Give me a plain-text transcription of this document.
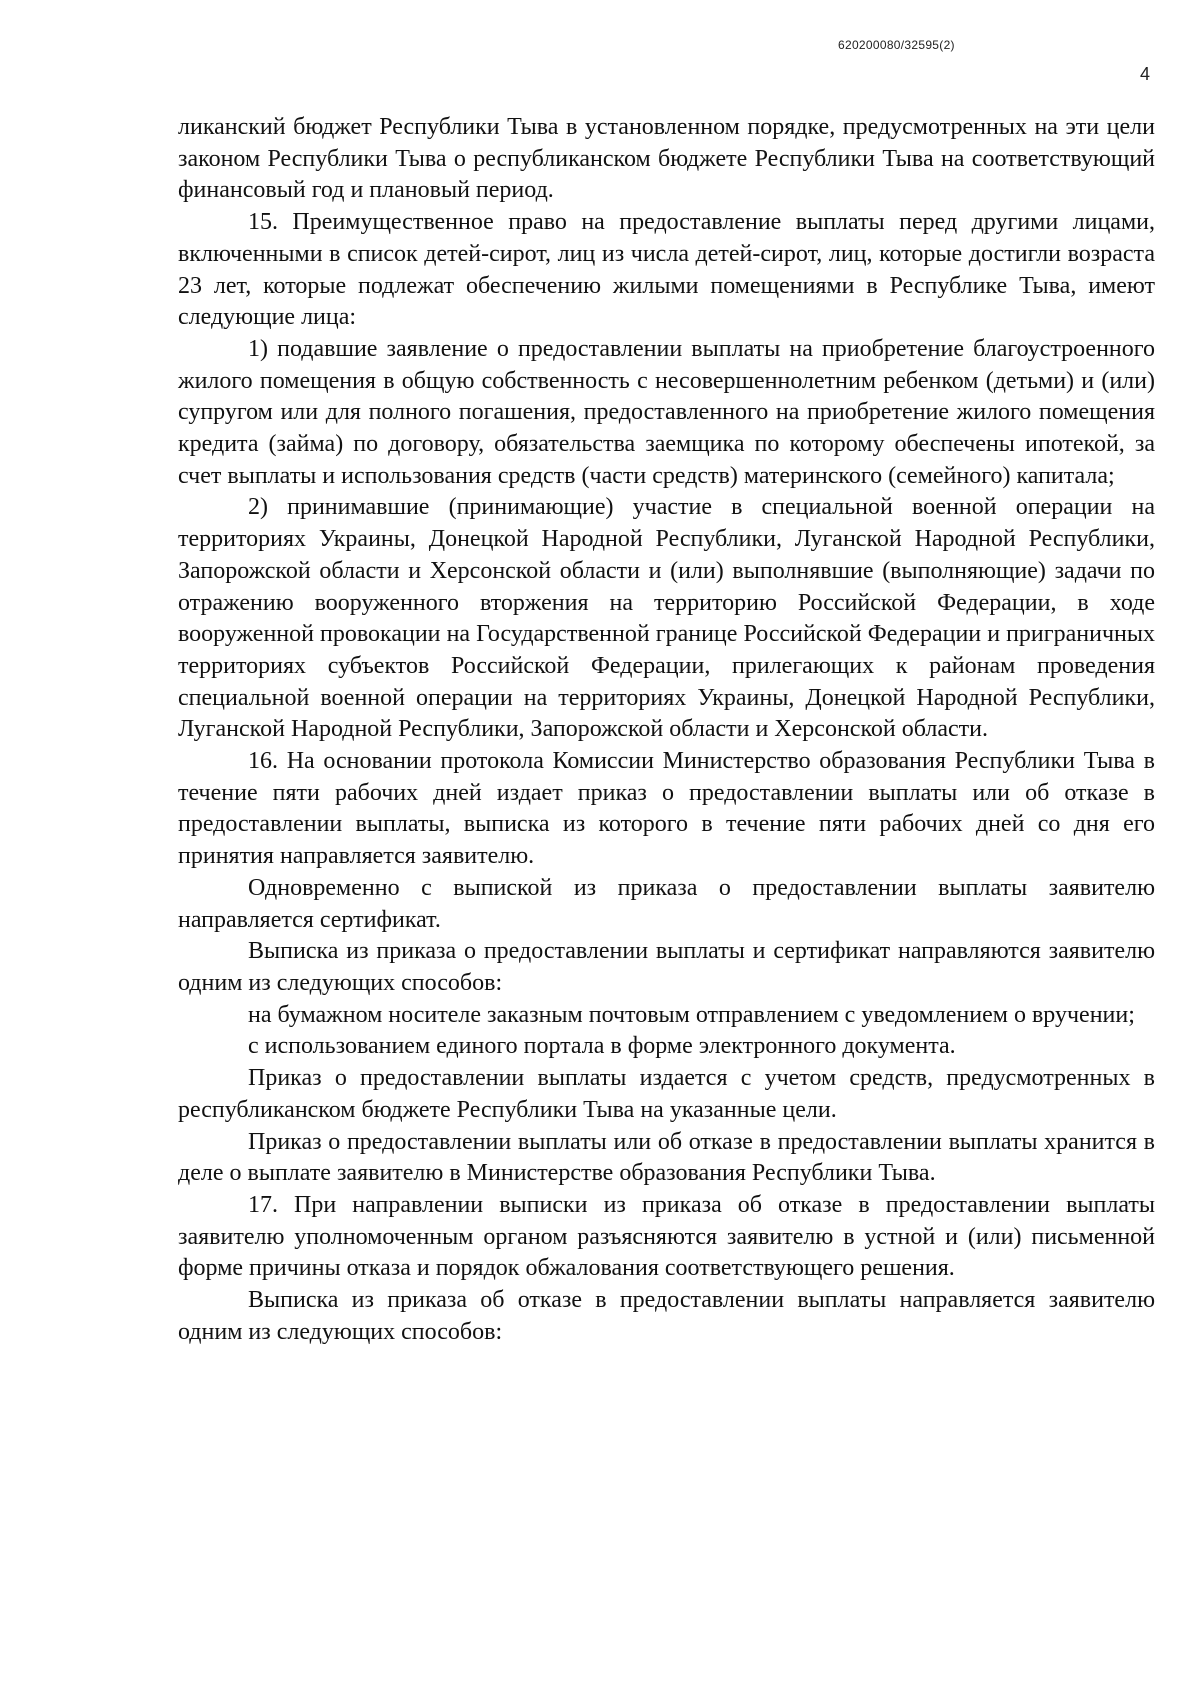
620200080/32595(2)
4

ликанский бюджет Республики Тыва в установленном порядке, предусмотренных на эти цели законом Республики Тыва о республиканском бюджете Республики Тыва на соответствующий финансовый год и плановый период.

15. Преимущественное право на предоставление выплаты перед другими лицами, включенными в список детей-сирот, лиц из числа детей-сирот, лиц, которые достигли возраста 23 лет, которые подлежат обеспечению жилыми помещениями в Республике Тыва, имеют следующие лица:

1) подавшие заявление о предоставлении выплаты на приобретение благоустроенного жилого помещения в общую собственность с несовершеннолетним ребенком (детьми) и (или) супругом или для полного погашения, предоставленного на приобретение жилого помещения кредита (займа) по договору, обязательства заемщика по которому обеспечены ипотекой, за счет выплаты и использования средств (части средств) материнского (семейного) капитала;

2) принимавшие (принимающие) участие в специальной военной операции на территориях Украины, Донецкой Народной Республики, Луганской Народной Республики, Запорожской области и Херсонской области и (или) выполнявшие (выполняющие) задачи по отражению вооруженного вторжения на территорию Российской Федерации, в ходе вооруженной провокации на Государственной границе Российской Федерации и приграничных территориях субъектов Российской Федерации, прилегающих к районам проведения специальной военной операции на территориях Украины, Донецкой Народной Республики, Луганской Народной Республики, Запорожской области и Херсонской области.

16. На основании протокола Комиссии Министерство образования Республики Тыва в течение пяти рабочих дней издает приказ о предоставлении выплаты или об отказе в предоставлении выплаты, выписка из которого в течение пяти рабочих дней со дня его принятия направляется заявителю.

Одновременно с выпиской из приказа о предоставлении выплаты заявителю направляется сертификат.

Выписка из приказа о предоставлении выплаты и сертификат направляются заявителю одним из следующих способов:

на бумажном носителе заказным почтовым отправлением с уведомлением о вручении;

с использованием единого портала в форме электронного документа.

Приказ о предоставлении выплаты издается с учетом средств, предусмотренных в республиканском бюджете Республики Тыва на указанные цели.

Приказ о предоставлении выплаты или об отказе в предоставлении выплаты хранится в деле о выплате заявителю в Министерстве образования Республики Тыва.

17. При направлении выписки из приказа об отказе в предоставлении выплаты заявителю уполномоченным органом разъясняются заявителю в устной и (или) письменной форме причины отказа и порядок обжалования соответствующего решения.

Выписка из приказа об отказе в предоставлении выплаты направляется заявителю одним из следующих способов:
